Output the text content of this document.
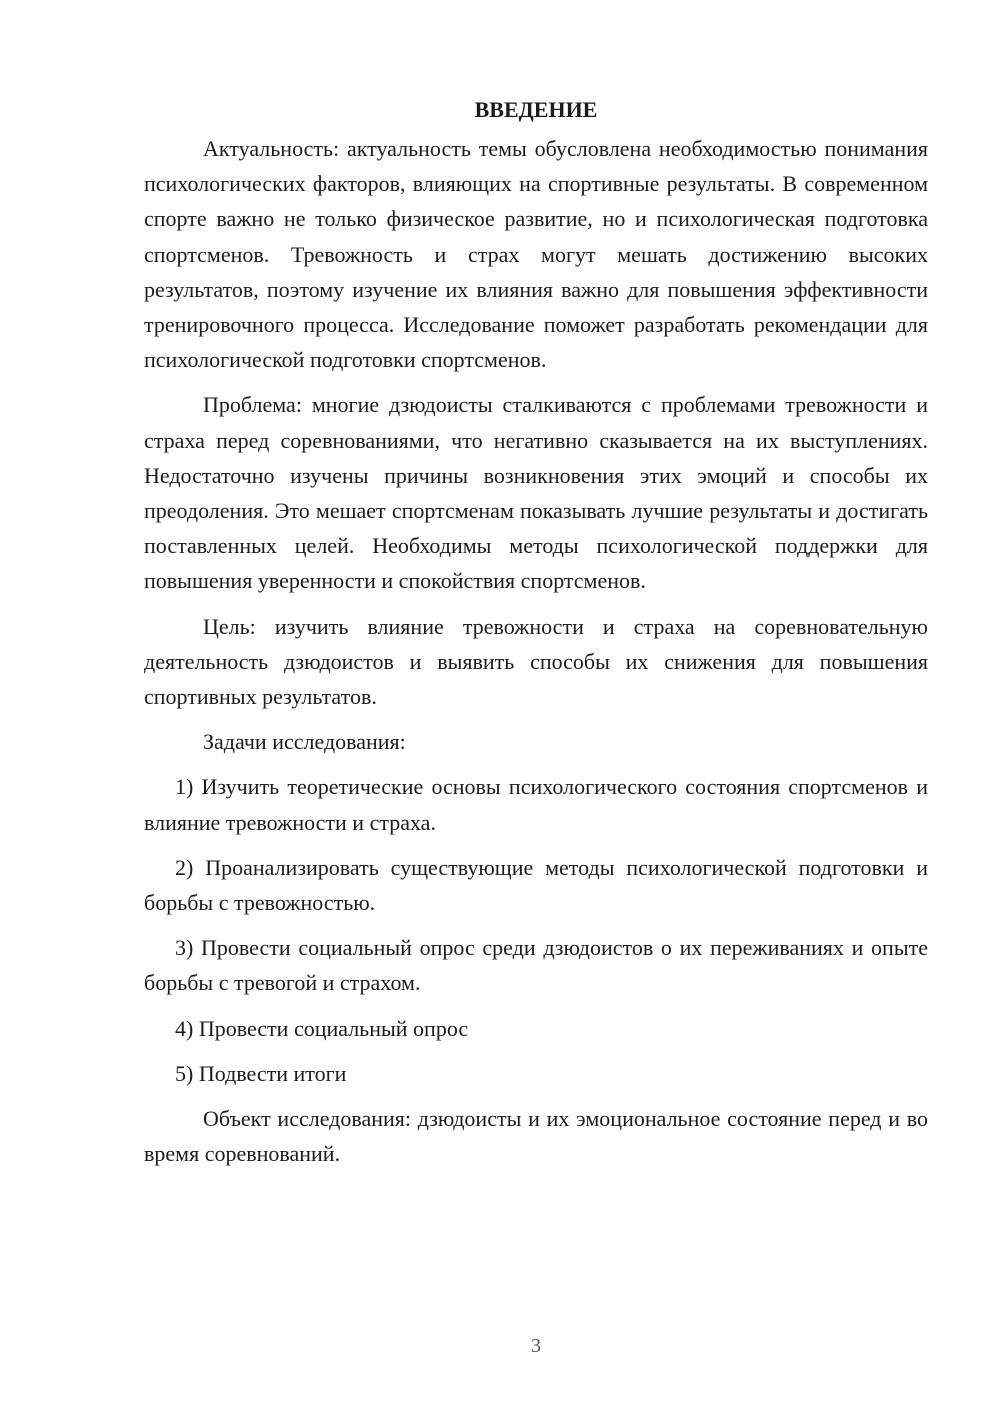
ВВЕДЕНИЕ

Актуальность: актуальность темы обусловлена необходимостью понимания психологических факторов, влияющих на спортивные результаты. В современном спорте важно не только физическое развитие, но и психологическая подготовка спортсменов. Тревожность и страх могут мешать достижению высоких результатов, поэтому изучение их влияния важно для повышения эффективности тренировочного процесса. Исследование поможет разработать рекомендации для психологической подготовки спортсменов.

Проблема: многие дзюдоисты сталкиваются с проблемами тревожности и страха перед соревнованиями, что негативно сказывается на их выступлениях. Недостаточно изучены причины возникновения этих эмоций и способы их преодоления. Это мешает спортсменам показывать лучшие результаты и достигать поставленных целей. Необходимы методы психологической поддержки для повышения уверенности и спокойствия спортсменов.

Цель: изучить влияние тревожности и страха на соревновательную деятельность дзюдоистов и выявить способы их снижения для повышения спортивных результатов.

Задачи исследования:

1) Изучить теоретические основы психологического состояния спортсменов и влияние тревожности и страха.

2) Проанализировать существующие методы психологической подготовки и борьбы с тревожностью.

3) Провести социальный опрос среди дзюдоистов о их переживаниях и опыте борьбы с тревогой и страхом.

4) Провести социальный опрос

5) Подвести итоги

Объект исследования: дзюдоисты и их эмоциональное состояние перед и во время соревнований.

3
